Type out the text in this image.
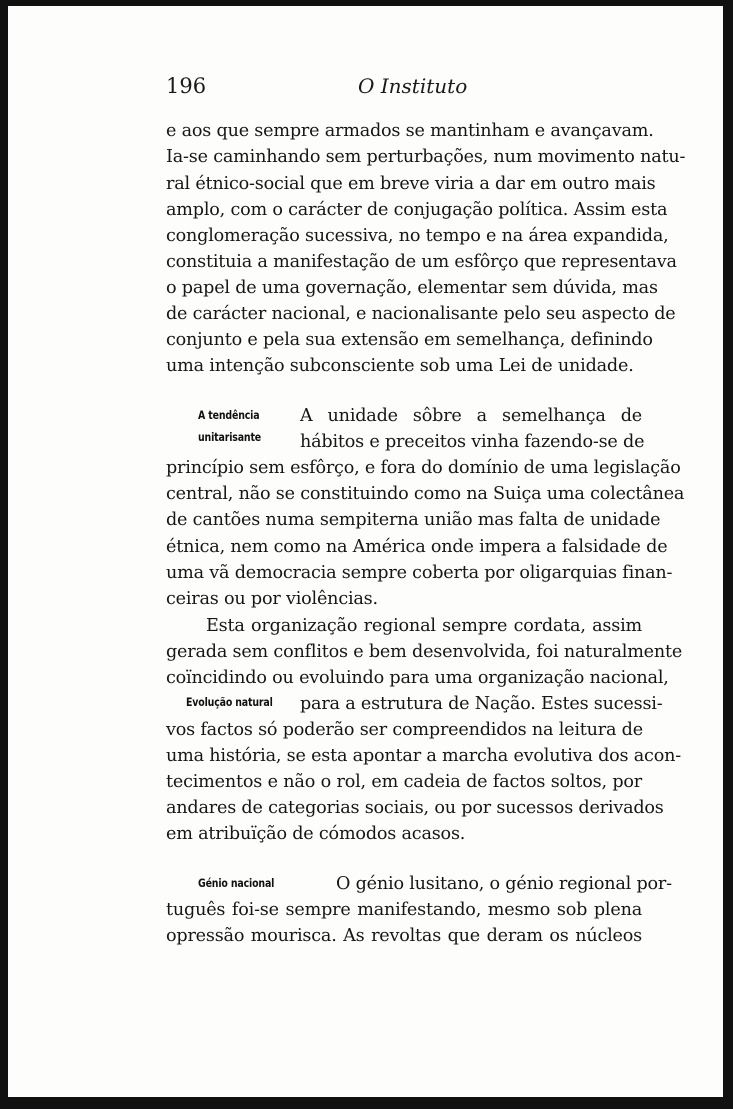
196	O Instituto
e aos que sempre armados se mantinham e avançavam.
Ia-se caminhando sem perturbações, num movimento natu-
ral étnico-social que em breve viria a dar em outro mais
amplo, com o carácter de conjugação política. Assim esta
conglomeração sucessiva, no tempo e na área expandida,
constituia a manifestação de um esfôrço que representava
o papel de uma governação, elementar sem dúvida, mas
de carácter nacional, e nacionalisante pelo seu aspecto de
conjunto e pela sua extensão em semelhança, definindo
uma intenção subconsciente sob uma Lei de unidade.
A tendência
unitarisante
A unidade sôbre a semelhança de
hábitos e preceitos vinha fazendo-se de
princípio sem esfôrço, e fora do domínio de uma legislação
central, não se constituindo como na Suiça uma colectânea
de cantões numa sempiterna união mas falta de unidade
étnica, nem como na América onde impera a falsidade de
uma vã democracia sempre coberta por oligarquias finan-
ceiras ou por violências.
Esta organização regional sempre cordata, assim
gerada sem conflitos e bem desenvolvida, foi naturalmente
coïncidindo ou evoluindo para uma organização nacional,
Evolução natural para a estrutura de Nação. Estes sucessi-
vos factos só poderão ser compreendidos na leitura de
uma história, se esta apontar a marcha evolutiva dos acon-
tecimentos e não o rol, em cadeia de factos soltos, por
andares de categorias sociais, ou por sucessos derivados
em atribuïção de cómodos acasos.
Génio nacional	O génio lusitano, o génio regional por-
tuguês foi-se sempre manifestando, mesmo sob plena
opressão mourisca. As revoltas que deram os núcleos
